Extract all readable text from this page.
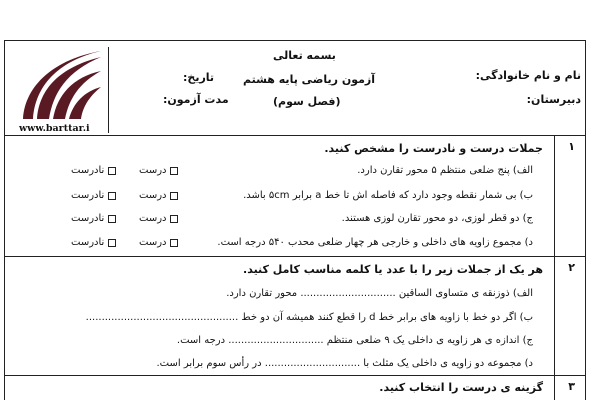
بسمه تعالی
آزمون ریاضی پایه هشتم
(فصل سوم)
نام و نام خانوادگی:
دبیرستان:
تاریخ:
مدت آزمون:
www.barttar.i
۱
جملات درست و نادرست را مشخص کنید.
الف) پنج ضلعی منتظم ۵ محور تقارن دارد.
ب) بی شمار نقطه وجود دارد که فاصله اش تا خط a برابر ۵cm باشد.
ج) دو قطر لوزی، دو محور تقارن لوزی هستند.
د) مجموع زاویه های داخلی و خارجی هر چهار ضلعی محدب ۵۴۰ درجه است.
درست
نادرست
درست
نادرست
درست
نادرست
درست
نادرست
۲
هر یک از جملات زیر را با عدد یا کلمه مناسب کامل کنید.
الف) ذوزنقه ی متساوی الساقین .............................. محور تقارن دارد.
ب) اگر دو خط با زاویه های برابر خط d را قطع کنند همیشه آن دو خط ................................................
ج) اندازه ی هر زاویه ی داخلی یک ۹ ضلعی منتظم .............................. درجه است.
د) مجموعه دو زاویه ی داخلی یک مثلث با .............................. در رأس سوم برابر است.
۳
گزینه ی درست را انتخاب کنید.
